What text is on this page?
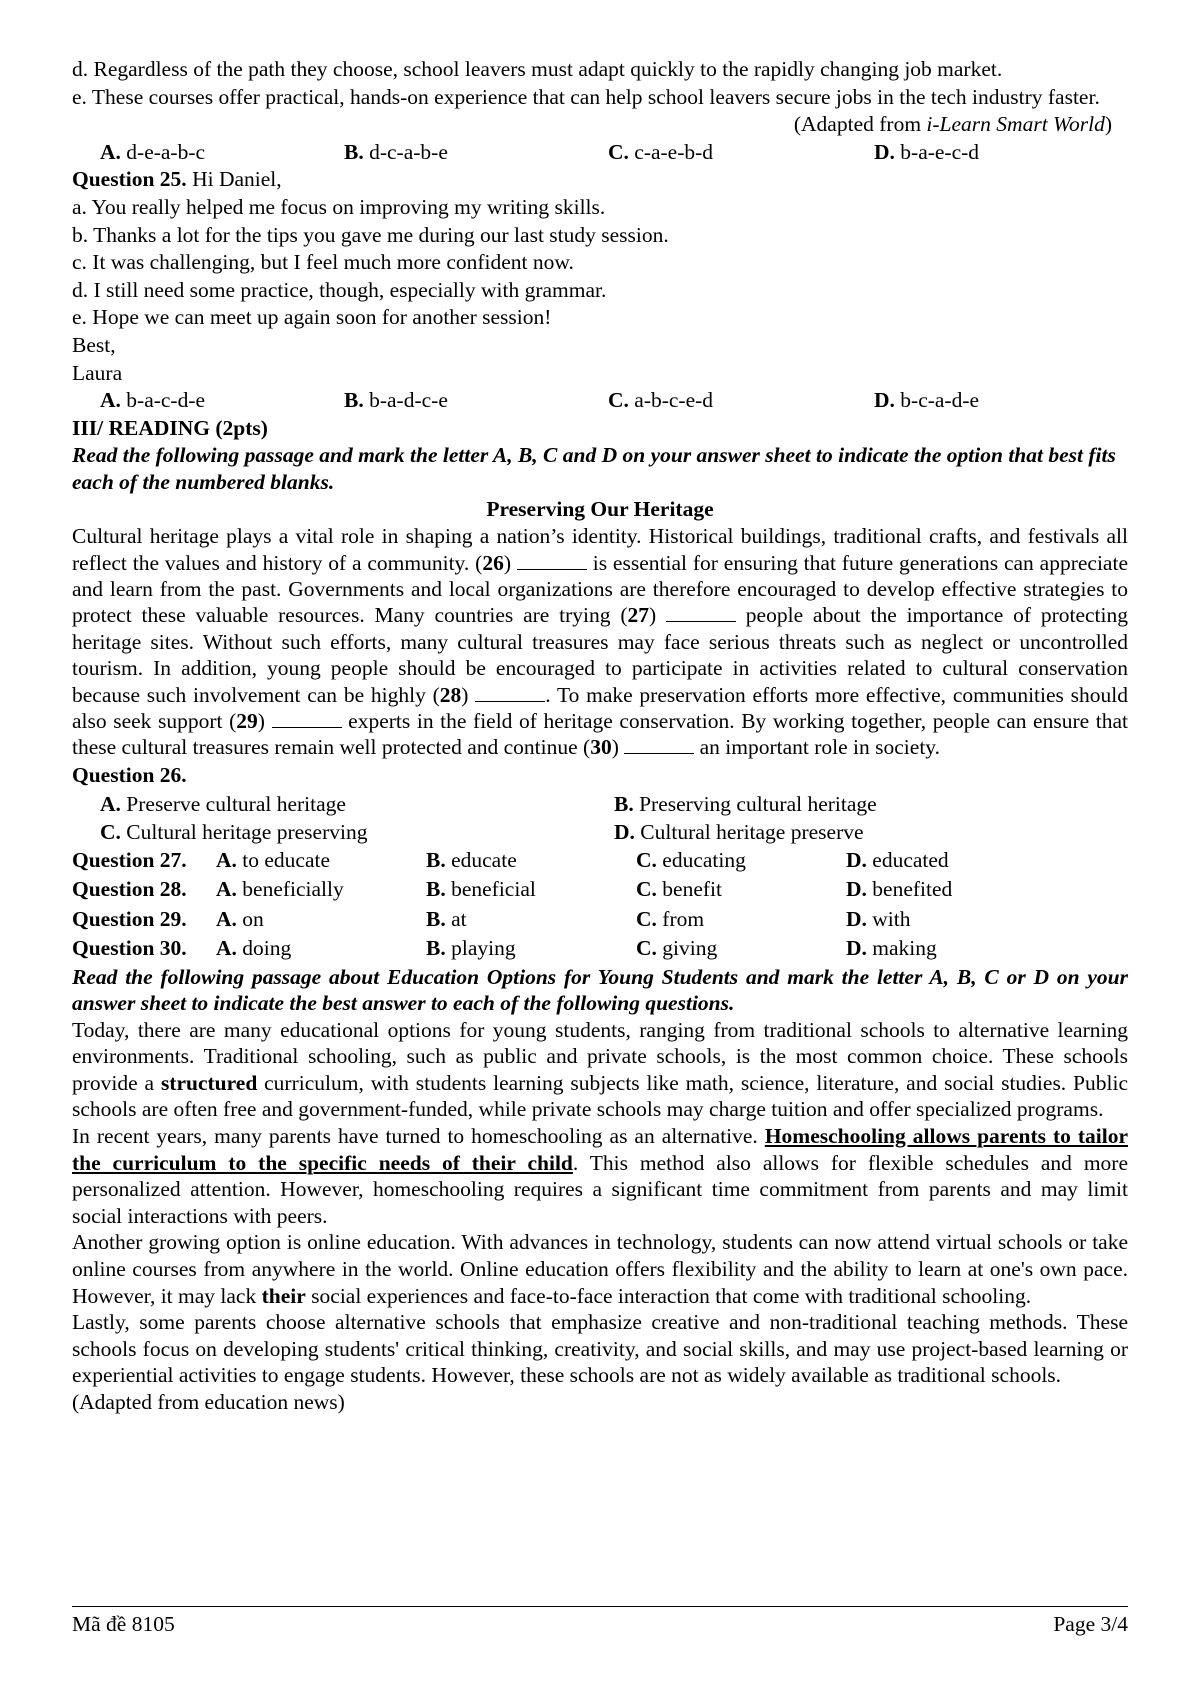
d. Regardless of the path they choose, school leavers must adapt quickly to the rapidly changing job market.

e. These courses offer practical, hands-on experience that can help school leavers secure jobs in the tech industry faster.

(Adapted from i-Learn Smart World)

A. d-e-a-b-c	B. d-c-a-b-e	C. c-a-e-b-d	D. b-a-e-c-d

Question 25. Hi Daniel,

a. You really helped me focus on improving my writing skills.

b. Thanks a lot for the tips you gave me during our last study session.

c. It was challenging, but I feel much more confident now.

d. I still need some practice, though, especially with grammar.

e. Hope we can meet up again soon for another session!

Best,

Laura

A. b-a-c-d-e	B. b-a-d-c-e	C. a-b-c-e-d	D. b-c-a-d-e

III/ READING (2pts)

Read the following passage and mark the letter A, B, C and D on your answer sheet to indicate the option that best fits each of the numbered blanks.

Preserving Our Heritage

Cultural heritage plays a vital role in shaping a nation’s identity. Historical buildings, traditional crafts, and festivals all reflect the values and history of a community. (26)	is essential for ensuring that future generations can appreciate and learn from the past. Governments and local organizations are therefore encouraged to develop effective strategies to protect these valuable resources. Many countries are trying (27)	people about the importance of protecting heritage sites. Without such efforts, many cultural treasures may face serious threats such as neglect or uncontrolled tourism. In addition, young people should be encouraged to participate in activities related to cultural conservation because such involvement can be highly (28)	. To make preservation efforts more effective, communities should also seek support (29)	experts in the field of heritage conservation. By working together, people can ensure that these cultural treasures remain well protected and continue (30)	an important role in society.

Question 26.

A. Preserve cultural heritage	B. Preserving cultural heritage
C. Cultural heritage preserving	D. Cultural heritage preserve
Question 27.	A. to educate	B. educate	C. educating	D. educated
Question 28.	A. beneficially	B. beneficial	C. benefit	D. benefited
Question 29.	A. on	B. at	C. from	D. with
Question 30.	A. doing	B. playing	C. giving	D. making

Read the following passage about Education Options for Young Students and mark the letter A, B, C or D on your answer sheet to indicate the best answer to each of the following questions.

Today, there are many educational options for young students, ranging from traditional schools to alternative learning environments. Traditional schooling, such as public and private schools, is the most common choice. These schools provide a structured curriculum, with students learning subjects like math, science, literature, and social studies. Public schools are often free and government-funded, while private schools may charge tuition and offer specialized programs.

In recent years, many parents have turned to homeschooling as an alternative. Homeschooling allows parents to tailor the curriculum to the specific needs of their child. This method also allows for flexible schedules and more personalized attention. However, homeschooling requires a significant time commitment from parents and may limit social interactions with peers.

Another growing option is online education. With advances in technology, students can now attend virtual schools or take online courses from anywhere in the world. Online education offers flexibility and the ability to learn at one's own pace. However, it may lack their social experiences and face-to-face interaction that come with traditional schooling.

Lastly, some parents choose alternative schools that emphasize creative and non-traditional teaching methods. These schools focus on developing students' critical thinking, creativity, and social skills, and may use project-based learning or experiential activities to engage students. However, these schools are not as widely available as traditional schools.

(Adapted from education news)

Mã đề 8105	Page 3/4
